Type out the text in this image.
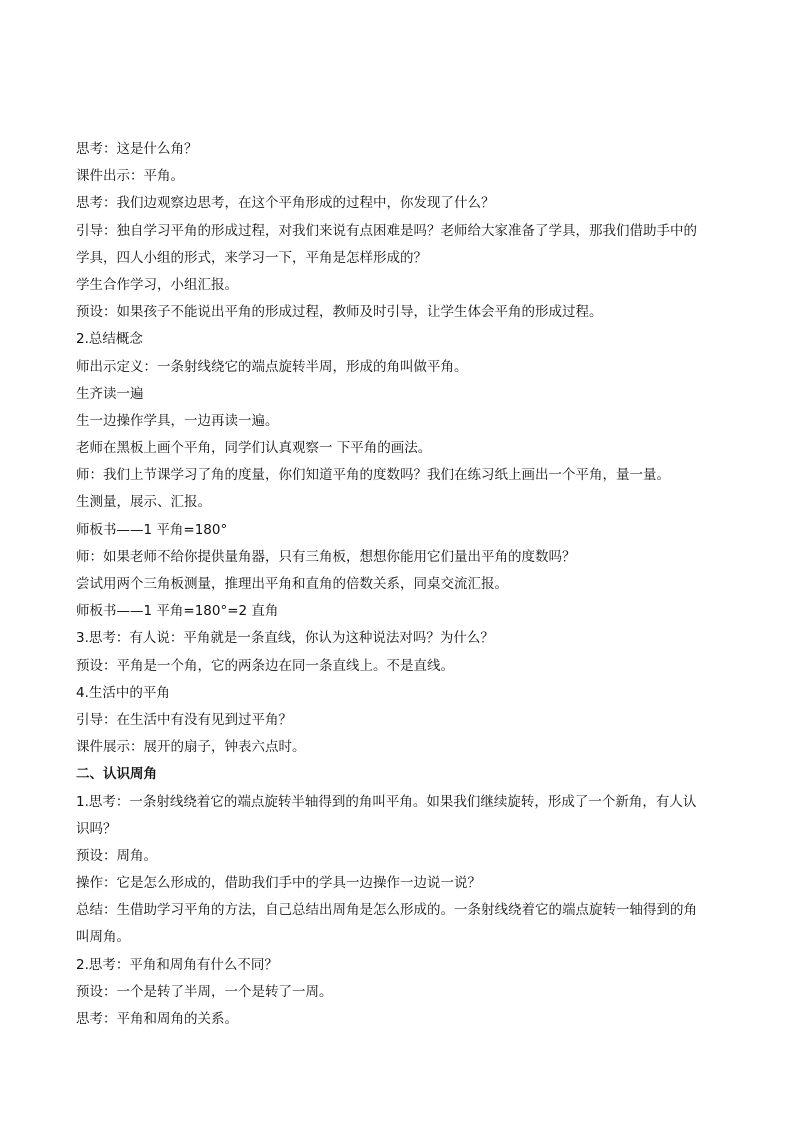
思考：这是什么角？
课件出示：平角。
思考：我们边观察边思考，在这个平角形成的过程中，你发现了什么？
引导：独自学习平角的形成过程，对我们来说有点困难是吗？老师给大家准备了学具，那我们借助手中的
学具，四人小组的形式，来学习一下，平角是怎样形成的？
学生合作学习，小组汇报。
预设：如果孩子不能说出平角的形成过程，教师及时引导，让学生体会平角的形成过程。
2.总结概念
师出示定义：一条射线绕它的端点旋转半周，形成的角叫做平角。
生齐读一遍
生一边操作学具，一边再读一遍。
老师在黑板上画个平角，同学们认真观察一 下平角的画法。
师：我们上节课学习了角的度量，你们知道平角的度数吗？我们在练习纸上画出一个平角，量一量。
生测量，展示、汇报。
师板书——1 平角=180°
师：如果老师不给你提供量角器，只有三角板，想想你能用它们量出平角的度数吗？
尝试用两个三角板测量，推理出平角和直角的倍数关系，同桌交流汇报。
师板书——1 平角=180°=2 直角
3.思考：有人说：平角就是一条直线，你认为这种说法对吗？为什么？
预设：平角是一个角，它的两条边在同一条直线上。不是直线。
4.生活中的平角
引导：在生活中有没有见到过平角？
课件展示：展开的扇子，钟表六点时。
二、认识周角
1.思考：一条射线绕着它的端点旋转半轴得到的角叫平角。如果我们继续旋转，形成了一个新角，有人认
识吗？
预设：周角。
操作：它是怎么形成的，借助我们手中的学具一边操作一边说一说？
总结：生借助学习平角的方法，自己总结出周角是怎么形成的。一条射线绕着它的端点旋转一轴得到的角
叫周角。
2.思考：平角和周角有什么不同？
预设：一个是转了半周，一个是转了一周。
思考：平角和周角的关系。
